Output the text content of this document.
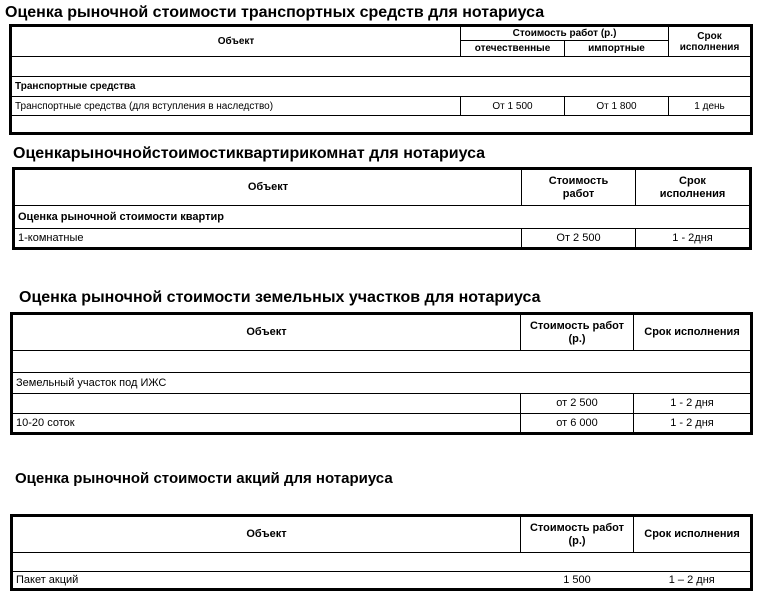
Оценка рыночной стоимости транспортных средств для нотариуса
Объект	Стоимость работ (р.)		Срок исполнения
	отечественные	импортные	

Транспортные средства			
Транспортные средства (для вступления в наследство)	От 1 500	От 1 800	1 день

Оценкарыночнойстоимостиквартирикомнат для нотариуса
Объект	Стоимость работ	Срок исполнения
Оценка рыночной стоимости квартир		
1-комнатные	От 2 500	1 - 2дня
Оценка рыночной стоимости земельных участков для нотариуса
Объект	Стоимость работ (р.)	Срок исполнения

Земельный участок под ИЖС		
	от 2 500	1 - 2 дня
10-20 соток	от 6 000	1 - 2 дня
Оценка рыночной стоимости акций для нотариуса
Объект	Стоимость работ (р.)	Срок исполнения

Пакет акций	1 500	1 – 2 дня
